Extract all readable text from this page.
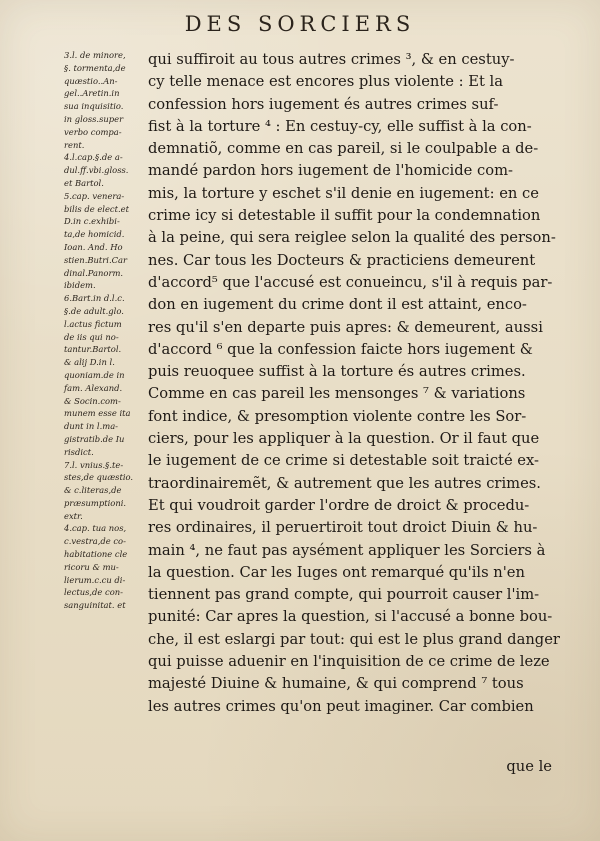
DES SORCIERS
3.l. de minore,
§. tormenta,de
quæstio..An-
gel..Aretin.in
sua inquisitio.
in gloss.super
verbo compa-
rent.
4.l.cap.§.de a-
dul.ff.vbi.gloss.
et Bartol.
5.cap. venera-
bilis de elect.et
D.in c.exhibi-
ta,de homicid.
Ioan. And. Ho
stien.Butri.Car
dinal.Panorm.
ibidem.
6.Bart.in d.l.c.
§.de adult.glo.
l.actus fictum
de iis qui no-
tantur.Bartol.
& alij D.in l.
quoniam.de in
fam. Alexand.
& Socin.com-
munem esse ita
dunt in l.ma-
gistratib.de Iu
risdict.
7.l. vnius.§.te-
stes,de quæstio.
& c.literas,de
præsumptioni.
extr.
4.cap. tua nos,
c.vestra,de co-
habitatione cle
ricoru & mu-
lierum.c.cu di-
lectus,de con-
sanguinitat. et
qui suffiroit au tous autres crimes ³, & en cestuy-
cy telle menace est encores plus violente : Et la
confession hors iugement és autres crimes suf-
fist à la torture ⁴ : En cestuy-cy, elle suffist à la con-
demnatiõ, comme en cas pareil, si le coulpable a de-
mandé pardon hors iugement de l'homicide com-
mis, la torture y eschet s'il denie en iugement: en ce
crime icy si detestable il suffit pour la condemnation
à la peine, qui sera reiglee selon la qualité des person-
nes. Car tous les Docteurs & practiciens demeurent
d'accord⁵ que l'accusé est conueincu, s'il à requis par-
don en iugement du crime dont il est attaint, enco-
res qu'il s'en departe puis apres: & demeurent, aussi
d'accord ⁶ que la confession faicte hors iugement &
puis reuoquee suffist à la torture és autres crimes.
Comme en cas pareil les mensonges ⁷ & variations
font indice, & presomption violente contre les Sor-
ciers, pour les appliquer à la question. Or il faut que
le iugement de ce crime si detestable soit traicté ex-
traordinairemẽt, & autrement que les autres crimes.
Et qui voudroit garder l'ordre de droict & procedu-
res ordinaires, il peruertiroit tout droict Diuin & hu-
main ⁴, ne faut pas aysément appliquer les Sorciers à
la question. Car les Iuges ont remarqué qu'ils n'en
tiennent pas grand compte, qui pourroit causer l'im-
punité: Car apres la question, si l'accusé a bonne bou-
che, il est eslargi par tout: qui est le plus grand danger
qui puisse aduenir en l'inquisition de ce crime de leze
majesté Diuine & humaine, & qui comprend ⁷ tous
les autres crimes qu'on peut imaginer. Car combien
que le
